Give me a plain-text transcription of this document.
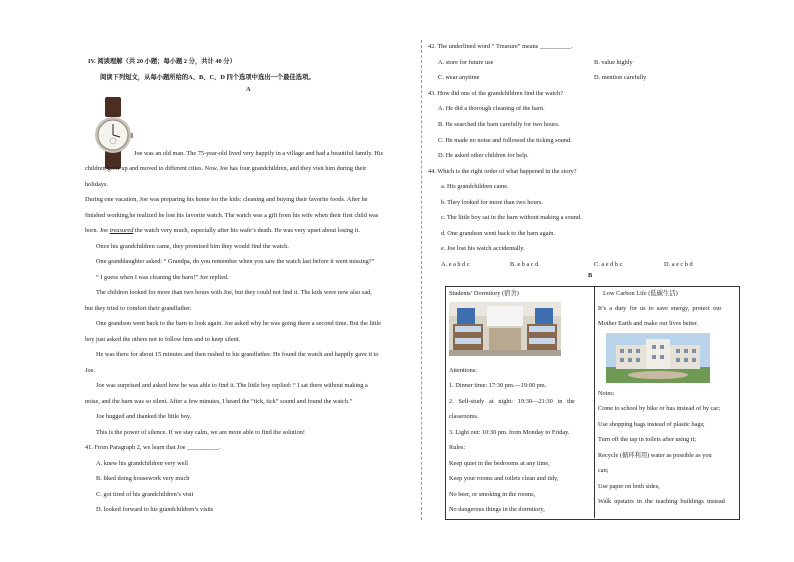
IV. 阅读理解（共 20 小题；每小题 2 分，共计 40 分）
阅读下列短文，从每小题所给的A、B、C、D 四个选项中选出一个最佳选项。
A
Joe was an old man. The 75-year-old lived very happily in a village and had a beautiful family. His
children grew up and moved to different cities. Now, Joe has four grandchildren, and they visit him during their
holidays.
During one vacation, Joe was preparing his home for the kids: cleaning and buying their favorite foods. After he
finished working,he realized he lost his favorite watch. The watch was a gift from his wife when their first child was
born. Joe treasured the watch very much, especially after his wafe’s death. He was very upset about losing it.
Once his grandchildren came, they promised him they would find the watch.
One granddaughter asked: “ Grandpa, do you remember when you saw the watch last before it went missing?”
“ I guess when I was cleaning the barn!” Joe replied.
The children looked for more than two hours with Joe, but they could not find it. The kids were now also sad,
but they tried to comfort their grandfather.
One grandson went back to the barn to look again. Joe asked why he was going there a second time. But the little
boy just asked the others not to follow him and to keep silent.
He was there for about 15 minutes and then rushed to his grandfather. He found the watch and happily gave it to
Joe.
Joe was surprised and asked how he was able to find it. The little boy replied: “ I sat there without making a
noise, and the barn was so silent. After a few minutes, I heard the “tick, tick” sound and found the watch.”
Joe hugged and thanked the little boy.
This is the power of silence. If we stay calm, we are more able to find the solution!
41. From Paragraph 2, we learn that Joe __________.
A. knew his grandchildren very well
B. liked doing housework very much
C. got tired of his grandchildren’s visit
D. looked forward to his grandchildren’s visits
42. The underlined word “ Treasure” means __________.
A. store for future use	B. value highly
C. wear anytime	D. mention carefully
43. How did one of the grandchildren find the watch?
A. He did a thorough cleaning of the barn.
B. He searched the barn carefully for two hours.
C. He made no noise and followed the ticking sound.
D. He asked other children for help.
44. Which is the right order of what happened in the story?
a. His grandchildren came.
b. They looked for more than two hours.
c. The little boy sat in the barn without making a sound.
d. One grandson went back to the barn again.
e. Joe lost his watch accidentally.
A. e a b d c	B. e b a c d	C. a e d b c	D. a e c b d
B
Students’ Dormitory (宿舍)
Attentions:
1. Dinner time: 17:30 pm.—19:00 pm.
2.   Self-study   at   night:   19:30—21:30   in   the
classrooms.
3. Light out: 10:30 pm. from Monday to Friday.
Rules:
Keep quiet in the bedrooms at any time,
Keep your rooms and toilets clean and tidy,
No beer, or smoking in the rooms,
No dangerous things in the dormitory,
Low Carbon Life (低碳生活)
It’s  a  duty  for  us  to  save  energy,  protect  our
Mother Earth and make our lives better.
Notes:
Come to school by bike or bus instead of by car;
Use shopping bags instead of plastic bags;
Turn off the tap in toilets after using it;
Recycle (循环利用) water as possible as you
can;
Use paper on both sides,
Walk  upstairs  in  the  teaching  buildings  instead
